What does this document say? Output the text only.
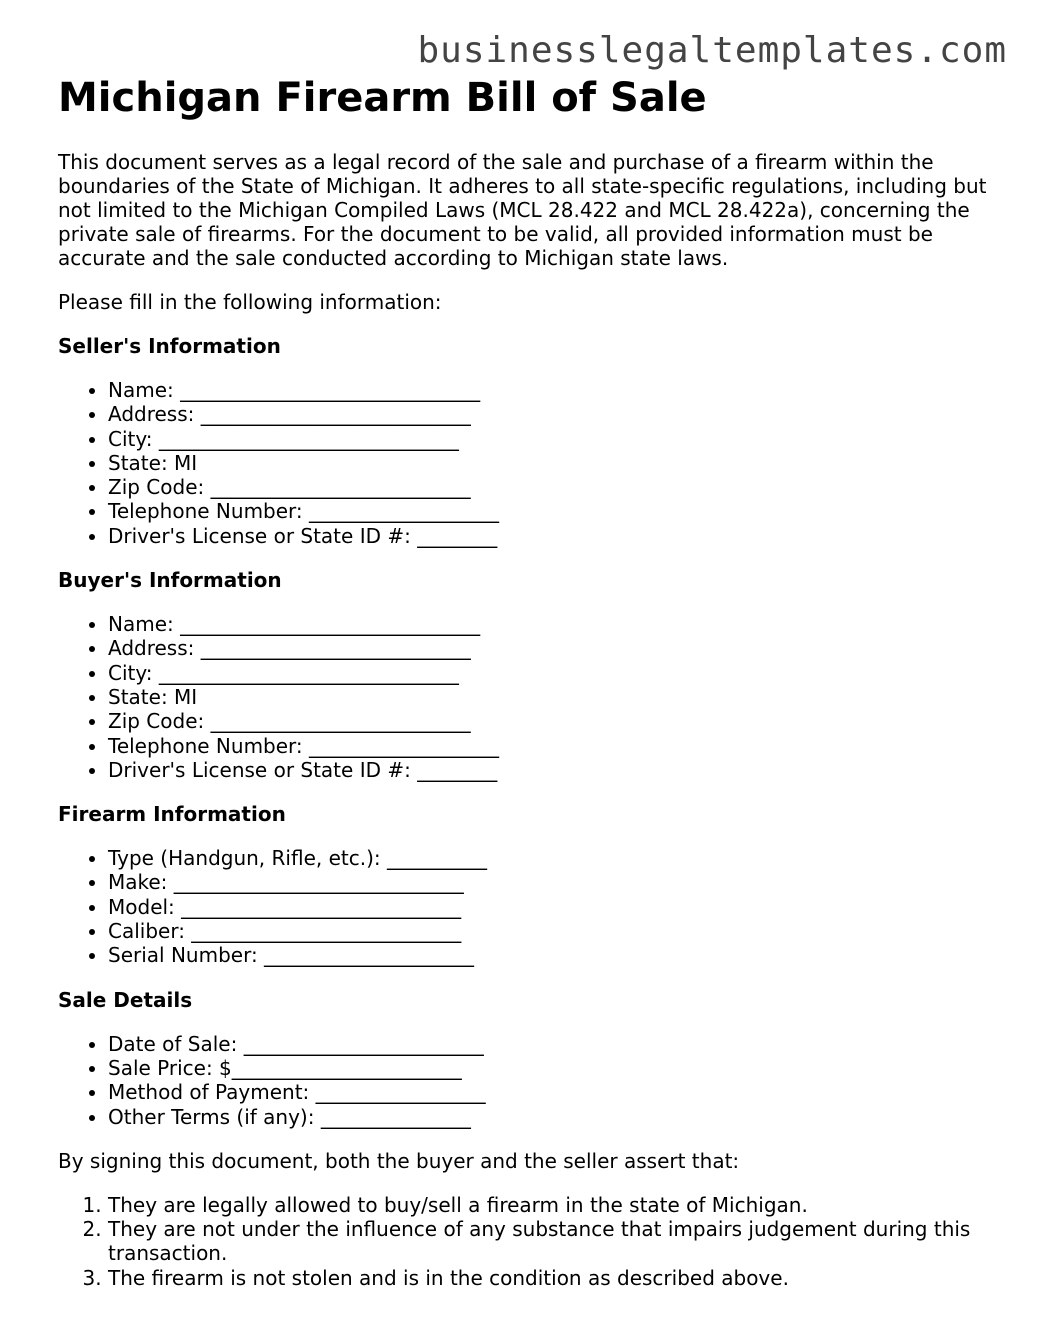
businesslegaltemplates.com
Michigan Firearm Bill of Sale

This document serves as a legal record of the sale and purchase of a firearm within the boundaries of the State of Michigan. It adheres to all state-specific regulations, including but not limited to the Michigan Compiled Laws (MCL 28.422 and MCL 28.422a), concerning the private sale of firearms. For the document to be valid, all provided information must be accurate and the sale conducted according to Michigan state laws.

Please fill in the following information:

Seller's Information
• Name: ______________________________
• Address: ___________________________
• City: ______________________________
• State: MI
• Zip Code: __________________________
• Telephone Number: ___________________
• Driver's License or State ID #: ________
Buyer's Information
• Name: ______________________________
• Address: ___________________________
• City: ______________________________
• State: MI
• Zip Code: __________________________
• Telephone Number: ___________________
• Driver's License or State ID #: ________
Firearm Information
• Type (Handgun, Rifle, etc.): __________
• Make: _____________________________
• Model: ____________________________
• Caliber: ___________________________
• Serial Number: _____________________
Sale Details
• Date of Sale: ________________________
• Sale Price: $_______________________
• Method of Payment: _________________
• Other Terms (if any): _______________

By signing this document, both the buyer and the seller assert that:

1. They are legally allowed to buy/sell a firearm in the state of Michigan.
2. They are not under the influence of any substance that impairs judgement during this transaction.
3. The firearm is not stolen and is in the condition as described above.
